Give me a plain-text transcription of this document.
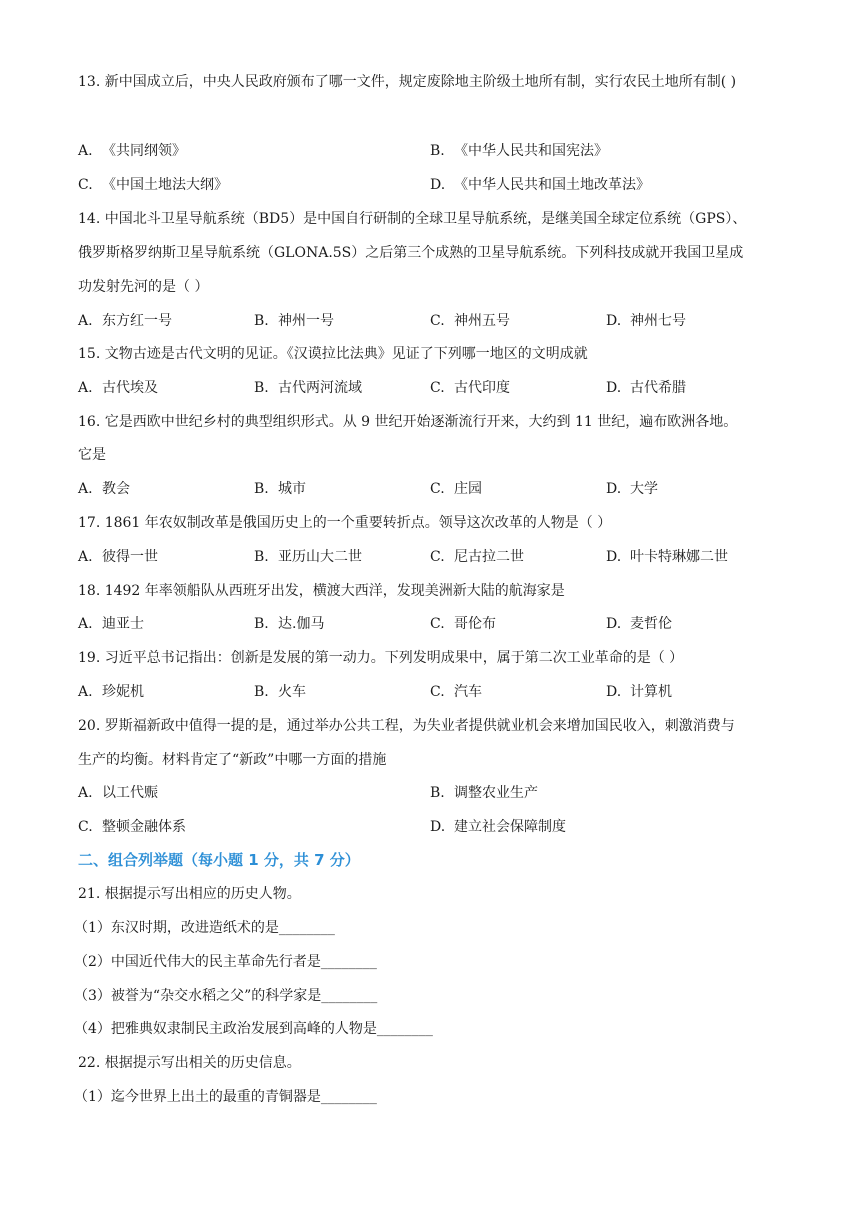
13. 新中国成立后，中央人民政府颁布了哪一文件，规定废除地主阶级土地所有制，实行农民土地所有制( )
A. 《共同纲领》	B. 《中华人民共和国宪法》
C. 《中国土地法大纲》	D. 《中华人民共和国土地改革法》
14. 中国北斗卫星导航系统（BD5）是中国自行研制的全球卫星导航系统，是继美国全球定位系统（GPS）、
俄罗斯格罗纳斯卫星导航系统（GLONA.5S）之后第三个成熟的卫星导航系统。下列科技成就开我国卫星成
功发射先河的是（ ）
A. 东方红一号	B. 神州一号	C. 神州五号	D. 神州七号
15. 文物古迹是古代文明的见证。《汉谟拉比法典》见证了下列哪一地区的文明成就
A. 古代埃及	B. 古代两河流域	C. 古代印度	D. 古代希腊
16. 它是西欧中世纪乡村的典型组织形式。从 9 世纪开始逐渐流行开来，大约到 11 世纪，遍布欧洲各地。
它是
A. 教会	B. 城市	C. 庄园	D. 大学
17. 1861 年农奴制改革是俄国历史上的一个重要转折点。领导这次改革的人物是（ ）
A. 彼得一世	B. 亚历山大二世	C. 尼古拉二世	D. 叶卡特琳娜二世
18. 1492 年率领船队从西班牙出发，横渡大西洋，发现美洲新大陆的航海家是
A. 迪亚士	B. 达.伽马	C. 哥伦布	D. 麦哲伦
19. 习近平总书记指出：创新是发展的第一动力。下列发明成果中，属于第二次工业革命的是（ ）
A. 珍妮机	B. 火车	C. 汽车	D. 计算机
20. 罗斯福新政中值得一提的是，通过举办公共工程，为失业者提供就业机会来增加国民收入，刺激消费与
生产的均衡。材料肯定了“新政”中哪一方面的措施
A. 以工代赈	B. 调整农业生产
C. 整顿金融体系	D. 建立社会保障制度
二、组合列举题（每小题 1 分，共 7 分）
21. 根据提示写出相应的历史人物。
（1）东汉时期，改进造纸术的是________
（2）中国近代伟大的民主革命先行者是________
（3）被誉为“杂交水稻之父”的科学家是________
（4）把雅典奴隶制民主政治发展到高峰的人物是________
22. 根据提示写出相关的历史信息。
（1）迄今世界上出土的最重的青铜器是________
